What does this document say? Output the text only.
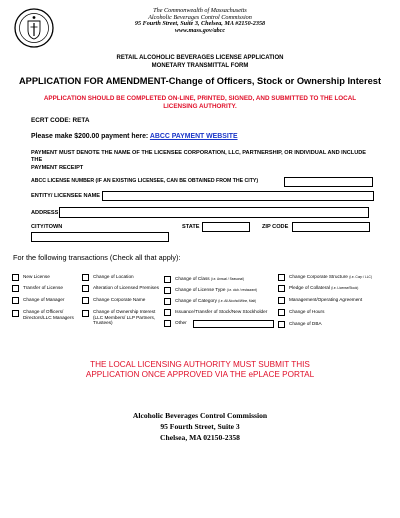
The Commonwealth of Massachusetts
Alcoholic Beverages Control Commission
95 Fourth Street, Suite 3, Chelsea, MA #2150-2358
www.mass.gov/abcc
RETAIL ALCOHOLIC BEVERAGES LICENSE APPLICATION
MONETARY TRANSMITTAL FORM
APPLICATION FOR AMENDMENT-Change of Officers, Stock or Ownership Interest
APPLICATION SHOULD BE COMPLETED ON-LINE, PRINTED, SIGNED, AND SUBMITTED TO THE LOCAL
LICENSING AUTHORITY.
ECRT CODE: RETA
Please make $200.00 payment here: ABCC PAYMENT WEBSITE
PAYMENT MUST DENOTE THE NAME OF THE LICENSEE CORPORATION, LLC, PARTNERSHIP, OR INDIVIDUAL AND INCLUDE THE
PAYMENT RECEIPT
ABCC LICENSE NUMBER (IF AN EXISTING LICENSEE, CAN BE OBTAINED FROM THE CITY)
ENTITY/ LICENSEE NAME
ADDRESS
CITY/TOWN	STATE	ZIP CODE
For the following transactions (Check all that apply):
New License
Transfer of License
Change of Manager
Change of Officers/
Directors/LLC Managers
Change of Location
Alteration of Licensed Premises
Change Corporate Name
Change of Ownership Interest
(LLC Members/ LLP Partners,
Trustees)
Change of Class (i.e. Annual / Seasonal)
Change of License Type (i.e. club / restaurant)
Change of Category (i.e. All Alcohol/Wine, Malt)
Issuance/Transfer of Stock/New Stockholder
Other
Change Corporate Structure (i.e. Corp / LLC)
Pledge of Collateral (i.e. License/Stock)
Management/Operating Agreement
Change of Hours
Change of DBA
THE LOCAL LICENSING AUTHORITY MUST SUBMIT THIS
APPLICATION ONCE APPROVED VIA THE ePLACE PORTAL
Alcoholic Beverages Control Commission
95 Fourth Street, Suite 3
Chelsea, MA 02150-2358
